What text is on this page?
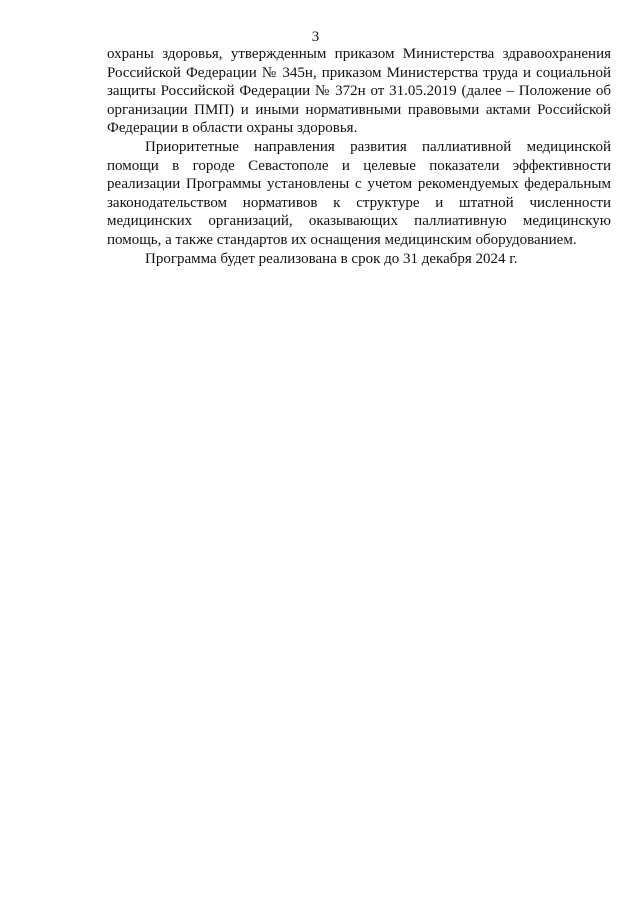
3

охраны здоровья, утвержденным приказом Министерства здравоохранения Российской Федерации № 345н, приказом Министерства труда и социальной защиты Российской Федерации № 372н от 31.05.2019 (далее – Положение об организации ПМП) и иными нормативными правовыми актами Российской Федерации в области охраны здоровья.

Приоритетные направления развития паллиативной медицинской помощи в городе Севастополе и целевые показатели эффективности реализации Программы установлены с учетом рекомендуемых федеральным законодательством нормативов к структуре и штатной численности медицинских организаций, оказывающих паллиативную медицинскую помощь, а также стандартов их оснащения медицинским оборудованием.

Программа будет реализована в срок до 31 декабря 2024 г.
